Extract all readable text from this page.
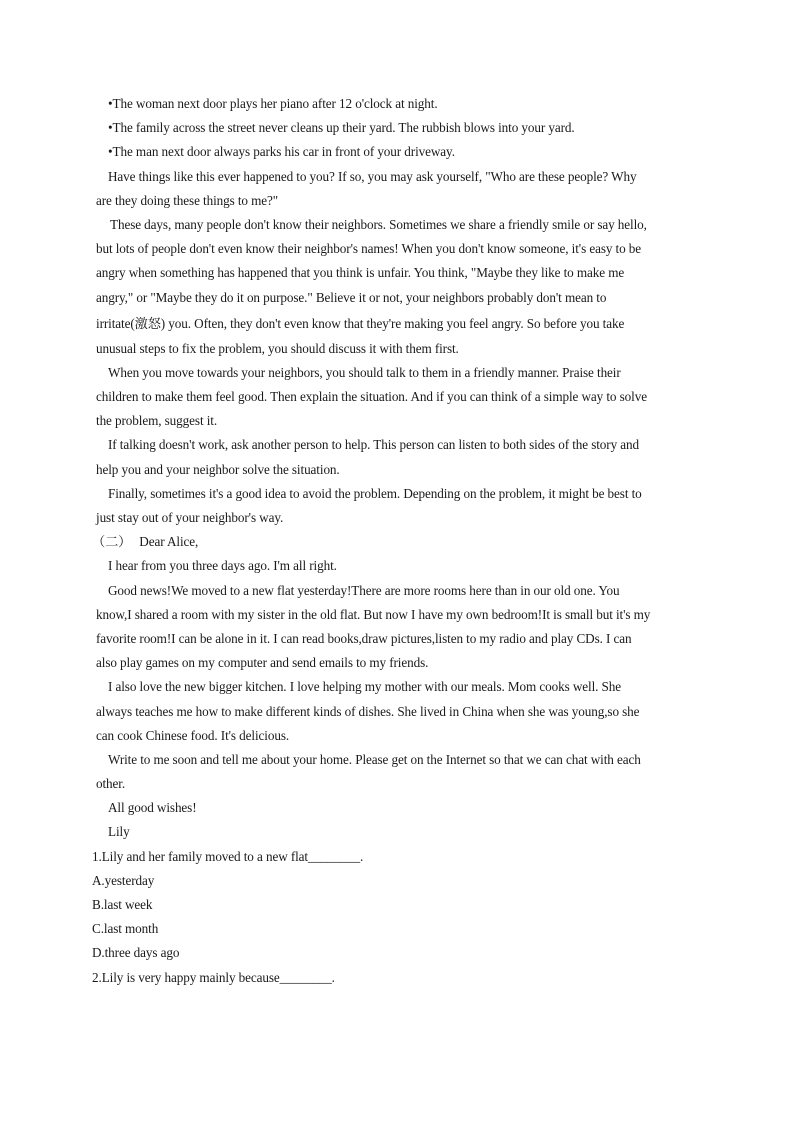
•The woman next door plays her piano after 12 o'clock at night.
•The family across the street never cleans up their yard. The rubbish blows into your yard.
•The man next door always parks his car in front of your driveway.
Have things like this ever happened to you? If so, you may ask yourself, "Who are these people? Why
are they doing these things to me?"
These days, many people don't know their neighbors. Sometimes we share a friendly smile or say hello,
but lots of people don't even know their neighbor's names! When you don't know someone, it's easy to be
angry when something has happened that you think is unfair. You think, "Maybe they like to make me
angry," or "Maybe they do it on purpose." Believe it or not, your neighbors probably don't mean to
irritate(激怒) you. Often, they don't even know that they're making you feel angry. So before you take
unusual steps to fix the problem, you should discuss it with them first.
When you move towards your neighbors, you should talk to them in a friendly manner. Praise their
children to make them feel good. Then explain the situation. And if you can think of a simple way to solve
the problem, suggest it.
If talking doesn't work, ask another person to help. This person can listen to both sides of the story and
help you and your neighbor solve the situation.
Finally, sometimes it's a good idea to avoid the problem. Depending on the problem, it might be best to
just stay out of your neighbor's way.
（二） Dear Alice,
I hear from you three days ago. I'm all right.
Good news!We moved to a new flat yesterday!There are more rooms here than in our old one. You
know,I shared a room with my sister in the old flat. But now I have my own bedroom!It is small but it's my
favorite room!I can be alone in it. I can read books,draw pictures,listen to my radio and play CDs. I can
also play games on my computer and send emails to my friends.
I also love the new bigger kitchen. I love helping my mother with our meals. Mom cooks well. She
always teaches me how to make different kinds of dishes. She lived in China when she was young,so she
can cook Chinese food. It's delicious.
Write to me soon and tell me about your home. Please get on the Internet so that we can chat with each
other.
All good wishes!
Lily
1.Lily and her family moved to a new flat________.
A.yesterday
B.last week
C.last month
D.three days ago
2.Lily is very happy mainly because________.
